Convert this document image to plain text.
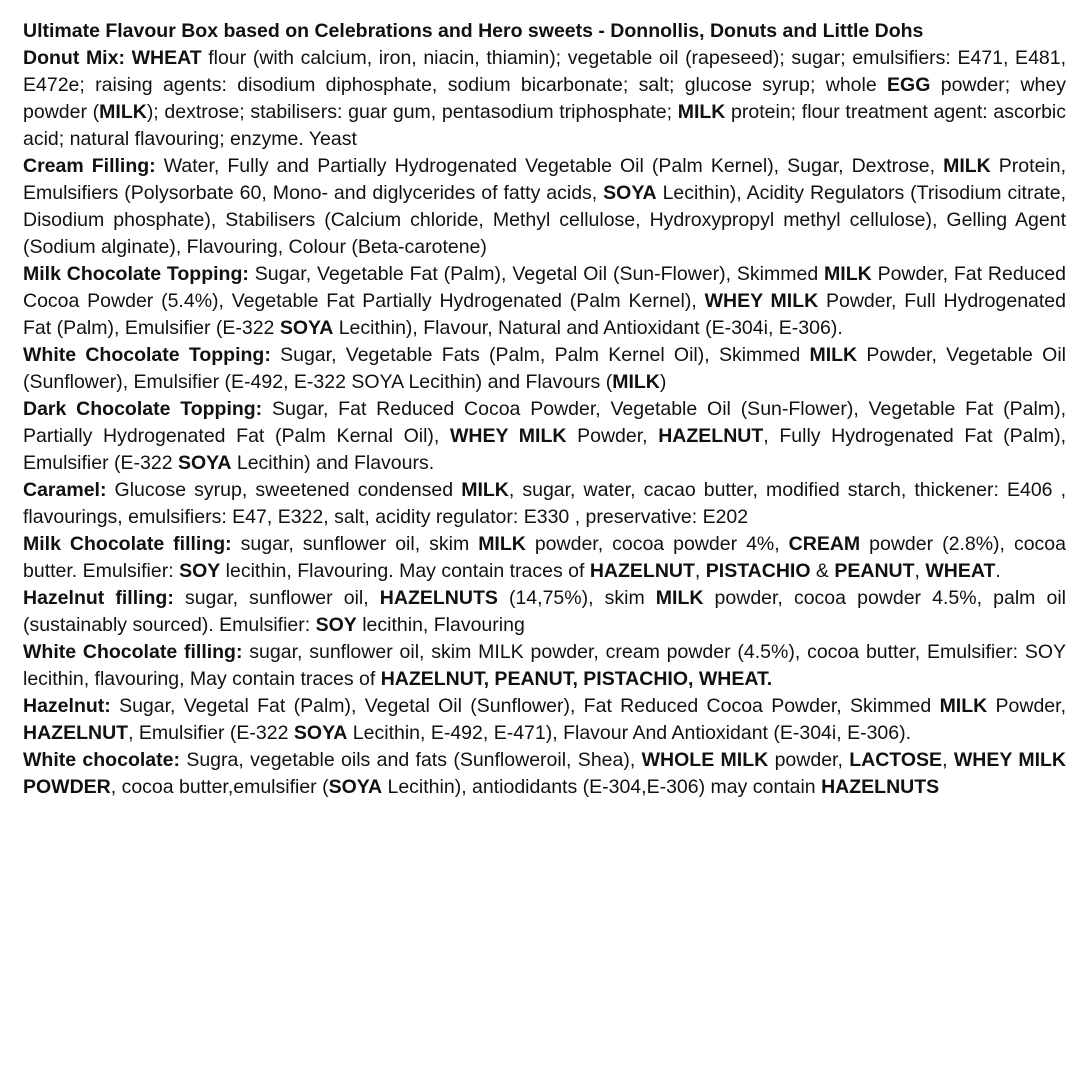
Ultimate Flavour Box based on Celebrations and Hero sweets - Donnollis, Donuts and Little Dohs

Donut Mix: WHEAT flour (with calcium, iron, niacin, thiamin); vegetable oil (rapeseed); sugar; emulsifiers: E471, E481, E472e; raising agents: disodium diphosphate, sodium bicarbonate; salt; glucose syrup; whole EGG powder; whey powder (MILK); dextrose; stabilisers: guar gum, pentasodium triphosphate; MILK protein; flour treatment agent: ascorbic acid; natural flavouring; enzyme. Yeast

Cream Filling: Water, Fully and Partially Hydrogenated Vegetable Oil (Palm Kernel), Sugar, Dextrose, MILK Protein, Emulsifiers (Polysorbate 60, Mono- and diglycerides of fatty acids, SOYA Lecithin), Acidity Regulators (Trisodium citrate, Disodium phosphate), Stabilisers (Calcium chloride, Methyl cellulose, Hydroxypropyl methyl cellulose), Gelling Agent (Sodium alginate), Flavouring, Colour (Beta-carotene)

Milk Chocolate Topping: Sugar, Vegetable Fat (Palm), Vegetal Oil (Sun-Flower), Skimmed MILK Powder, Fat Reduced Cocoa Powder (5.4%), Vegetable Fat Partially Hydrogenated (Palm Kernel), WHEY MILK Powder, Full Hydrogenated Fat (Palm), Emulsifier (E-322 SOYA Lecithin), Flavour, Natural and Antioxidant (E-304i, E-306).

White Chocolate Topping: Sugar, Vegetable Fats (Palm, Palm Kernel Oil), Skimmed MILK Powder, Vegetable Oil (Sunflower), Emulsifier (E-492, E-322 SOYA Lecithin) and Flavours (MILK)

Dark Chocolate Topping: Sugar, Fat Reduced Cocoa Powder, Vegetable Oil (Sun-Flower), Vegetable Fat (Palm), Partially Hydrogenated Fat (Palm Kernal Oil), WHEY MILK Powder, HAZELNUT, Fully Hydrogenated Fat (Palm), Emulsifier (E-322 SOYA Lecithin) and Flavours.

Caramel: Glucose syrup, sweetened condensed MILK, sugar, water, cacao butter, modified starch, thickener: E406 , flavourings, emulsifiers: E47, E322, salt, acidity regulator: E330 , preservative: E202

Milk Chocolate filling: sugar, sunflower oil, skim MILK powder, cocoa powder 4%, CREAM powder (2.8%), cocoa butter. Emulsifier: SOY lecithin, Flavouring. May contain traces of HAZELNUT, PISTACHIO & PEANUT, WHEAT.

Hazelnut filling: sugar, sunflower oil, HAZELNUTS (14,75%), skim MILK powder, cocoa powder 4.5%, palm oil (sustainably sourced). Emulsifier: SOY lecithin, Flavouring

White Chocolate filling: sugar, sunflower oil, skim MILK powder, cream powder (4.5%), cocoa butter, Emulsifier: SOY lecithin, flavouring, May contain traces of HAZELNUT, PEANUT, PISTACHIO, WHEAT.

Hazelnut: Sugar, Vegetal Fat (Palm), Vegetal Oil (Sunflower), Fat Reduced Cocoa Powder, Skimmed MILK Powder, HAZELNUT, Emulsifier (E-322 SOYA Lecithin, E-492, E-471), Flavour And Antioxidant (E-304i, E-306).

White chocolate: Sugra, vegetable oils and fats (Sunfloweroil, Shea), WHOLE MILK powder, LACTOSE, WHEY MILK POWDER, cocoa butter,emulsifier (SOYA Lecithin), antiodidants (E-304,E-306) may contain HAZELNUTS
